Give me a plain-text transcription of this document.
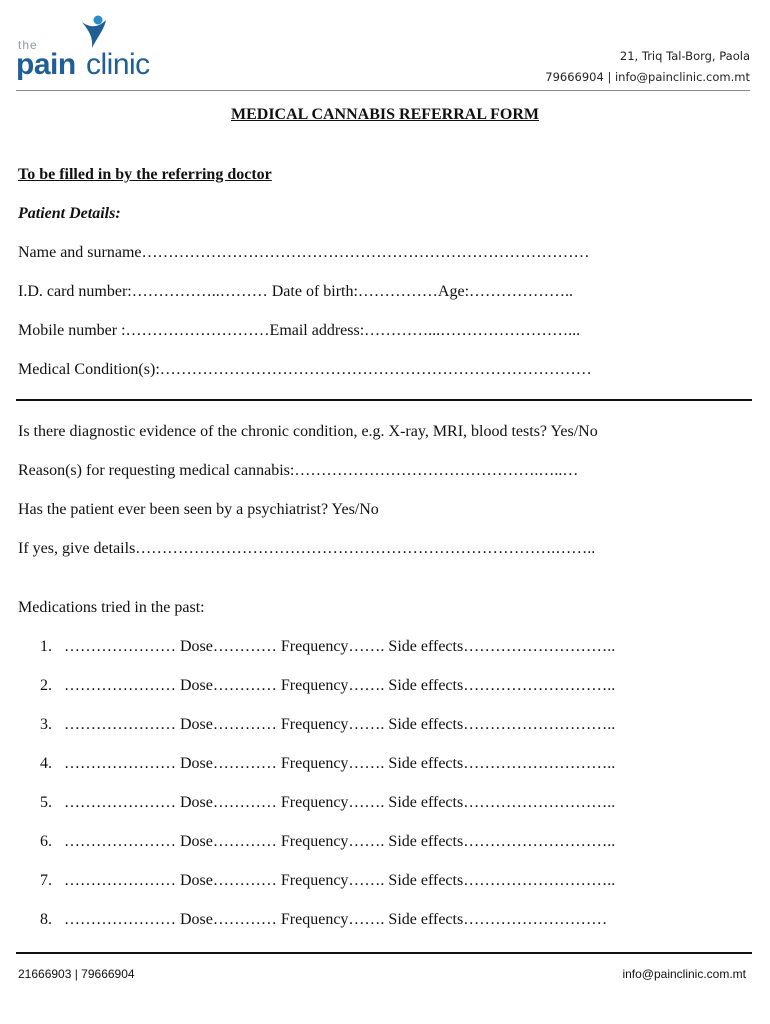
the
pain clinic	21, Triq Tal-Borg, Paola
79666904 | info@painclinic.com.mt
MEDICAL CANNABIS REFERRAL FORM
To be filled in by the referring doctor
Patient Details:
Name and surname…………………………………………………………………………
I.D. card number:……………..……… Date of birth:……………Age:………………..
Mobile number :………………………Email address:…………...……………………...
Medical Condition(s):………………………………………………………………………
Is there diagnostic evidence of the chronic condition, e.g. X-ray, MRI, blood tests? Yes/No
Reason(s) for requesting medical cannabis:……………………………………….…..…
Has the patient ever been seen by a psychiatrist? Yes/No
If yes, give details…………………………………………………………………….……..
Medications tried in the past:
1. ………………… Dose………… Frequency……. Side effects………………………..
2. ………………… Dose………… Frequency……. Side effects………………………..
3. ………………… Dose………… Frequency……. Side effects………………………..
4. ………………… Dose………… Frequency……. Side effects………………………..
5. ………………… Dose………… Frequency……. Side effects………………………..
6. ………………… Dose………… Frequency……. Side effects………………………..
7. ………………… Dose………… Frequency……. Side effects………………………..
8. ………………… Dose………… Frequency……. Side effects………………………
21666903 | 79666904	info@painclinic.com.mt
